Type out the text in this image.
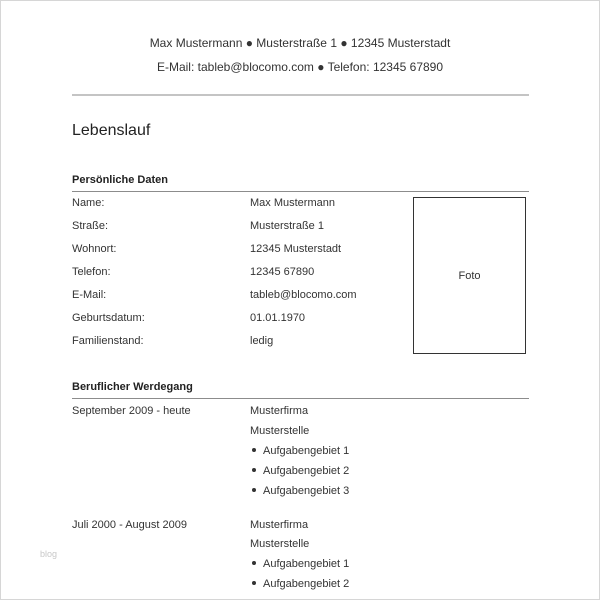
Max Mustermann ● Musterstraße 1 ● 12345 Musterstadt
E-Mail: tableb@blocomo.com ● Telefon: 12345 67890
Lebenslauf
Persönliche Daten
Name:	Max Mustermann
Straße:	Musterstraße 1
Wohnort:	12345 Musterstadt
Telefon:	12345 67890
E-Mail:	tableb@blocomo.com
Geburtsdatum:	01.01.1970
Familienstand:	ledig
Foto
Beruflicher Werdegang
September 2009 - heute	Musterfirma
Musterstelle
Aufgabengebiet 1
Aufgabengebiet 2
Aufgabengebiet 3
Juli 2000 - August 2009	Musterfirma
Musterstelle
Aufgabengebiet 1
Aufgabengebiet 2
blog
